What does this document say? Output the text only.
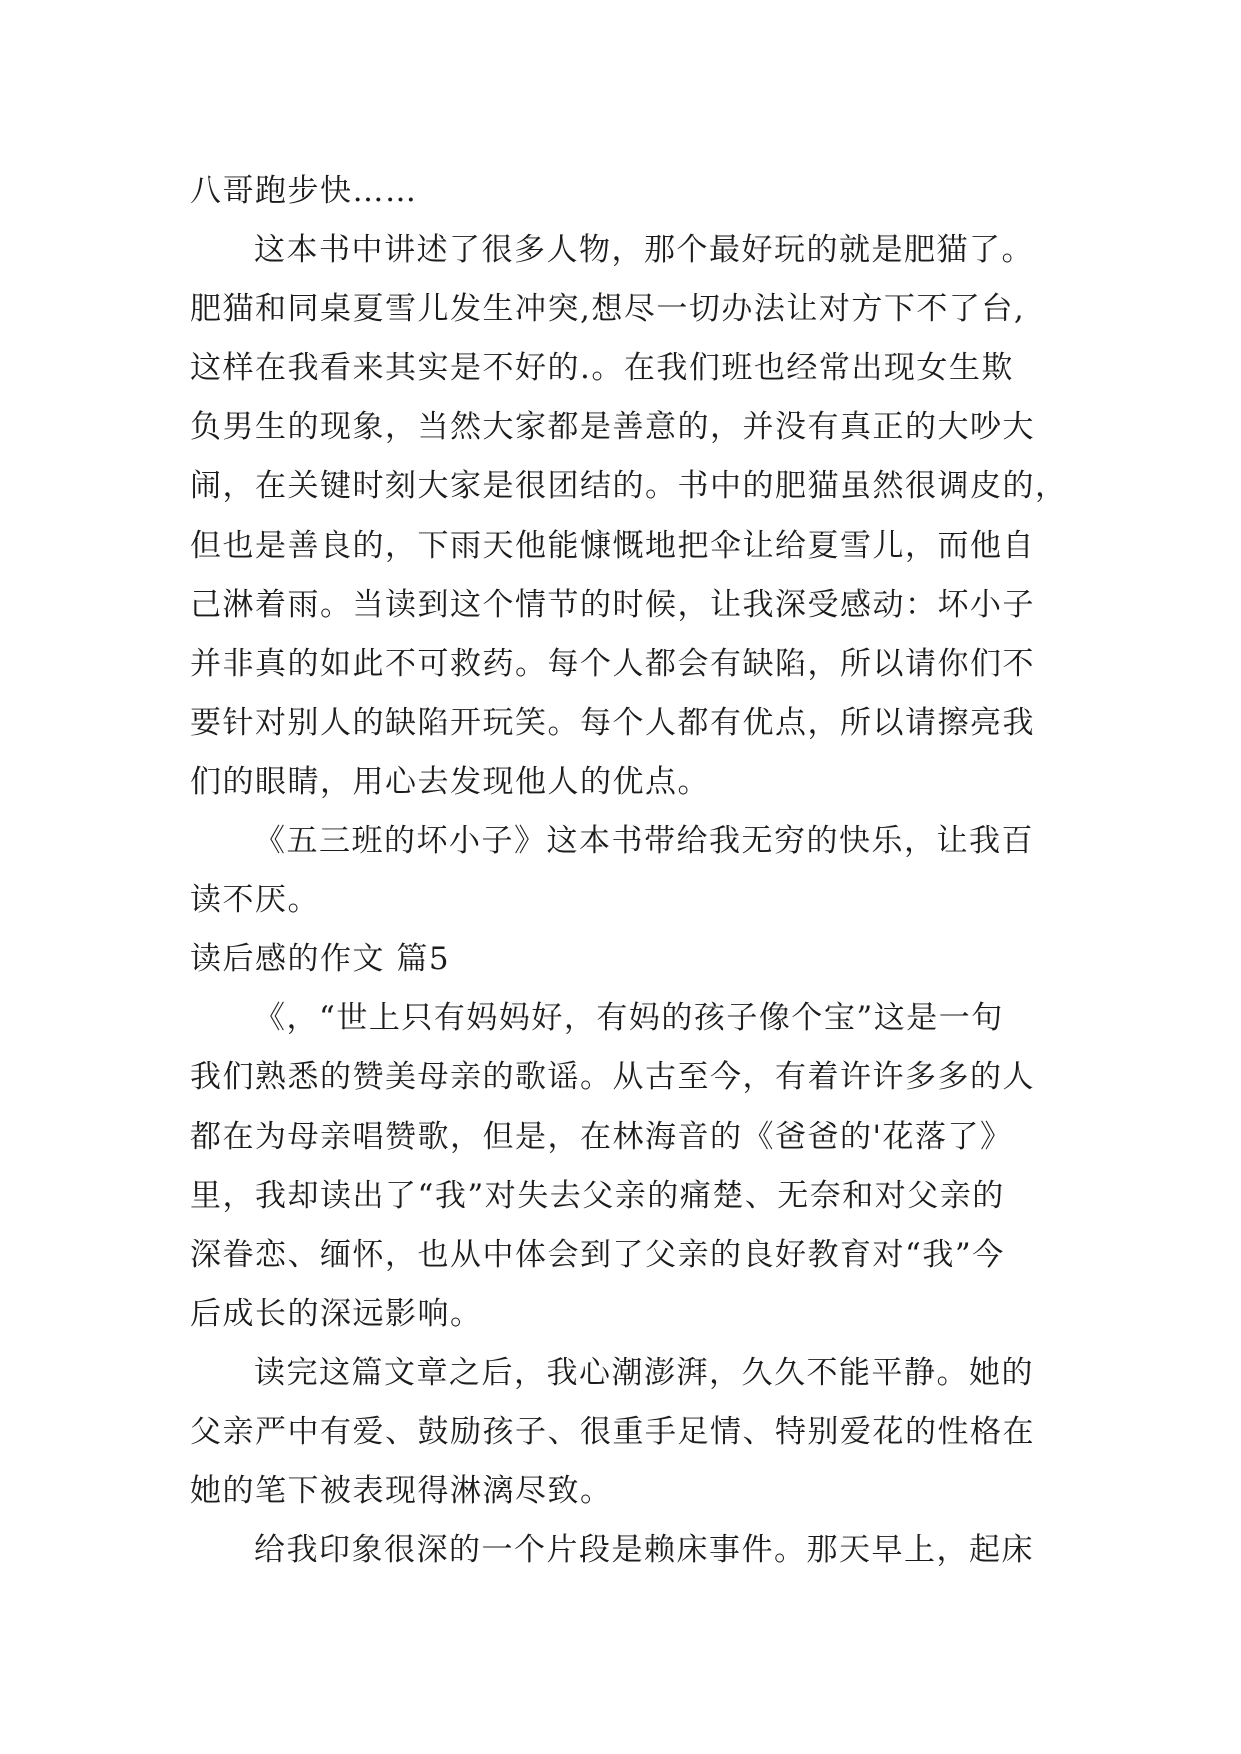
八哥跑步快……
这本书中讲述了很多人物，那个最好玩的就是肥猫了。
肥猫和同桌夏雪儿发生冲突,想尽一切办法让对方下不了台,
这样在我看来其实是不好的.。在我们班也经常出现女生欺
负男生的现象，当然大家都是善意的，并没有真正的大吵大
闹，在关键时刻大家是很团结的。书中的肥猫虽然很调皮的，
但也是善良的，下雨天他能慷慨地把伞让给夏雪儿，而他自
己淋着雨。当读到这个情节的时候，让我深受感动：坏小子
并非真的如此不可救药。每个人都会有缺陷，所以请你们不
要针对别人的缺陷开玩笑。每个人都有优点，所以请擦亮我
们的眼睛，用心去发现他人的优点。
《五三班的坏小子》这本书带给我无穷的快乐，让我百
读不厌。
读后感的作文 篇5
《，“世上只有妈妈好，有妈的孩子像个宝”这是一句
我们熟悉的赞美母亲的歌谣。从古至今，有着许许多多的人
都在为母亲唱赞歌，但是，在林海音的《爸爸的'花落了》
里，我却读出了“我”对失去父亲的痛楚、无奈和对父亲的
深眷恋、缅怀，也从中体会到了父亲的良好教育对“我”今
后成长的深远影响。
读完这篇文章之后，我心潮澎湃，久久不能平静。她的
父亲严中有爱、鼓励孩子、很重手足情、特别爱花的性格在
她的笔下被表现得淋漓尽致。
给我印象很深的一个片段是赖床事件。那天早上，起床
